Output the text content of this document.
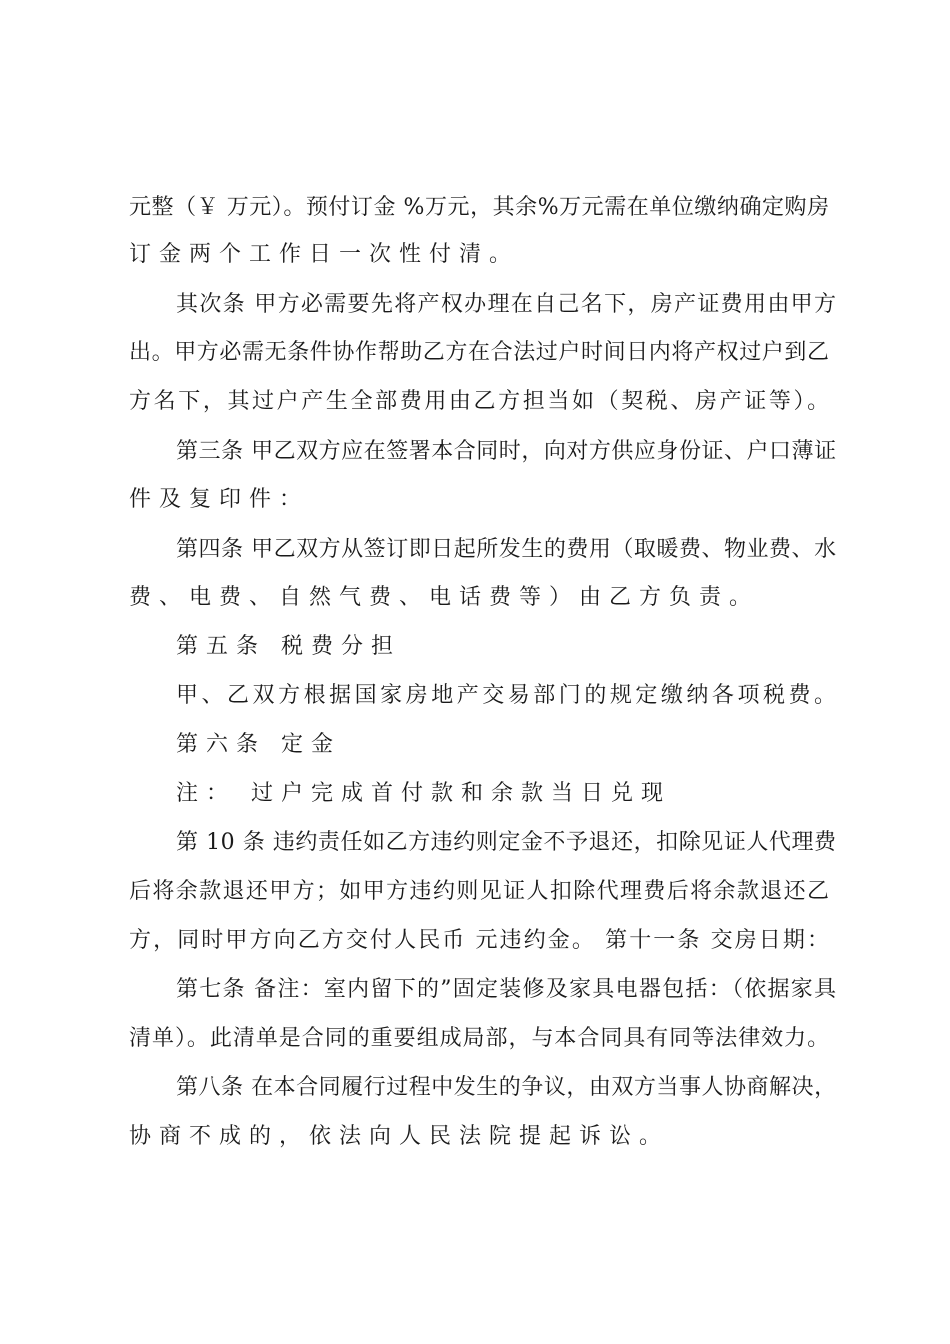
元整（￥ 万元）。预付订金 %万元，其余%万元需在单位缴纳确定购房
订金两个工作日一次性付清。
其次条 甲方必需要先将产权办理在自己名下，房产证费用由甲方
出。甲方必需无条件协作帮助乙方在合法过户时间日内将产权过户到乙
方名下，其过户产生全部费用由乙方担当如（契税、房产证等）。
第三条 甲乙双方应在签署本合同时，向对方供应身份证、户口薄证
件及复印件：
第四条 甲乙双方从签订即日起所发生的费用（取暖费、物业费、水
费、电费、自然气费、电话费等）由乙方负责。
第五条 税费分担
甲、乙双方根据国家房地产交易部门的规定缴纳各项税费。
第六条 定金
注： 过户完成首付款和余款当日兑现
第 10 条 违约责任如乙方违约则定金不予退还，扣除见证人代理费
后将余款退还甲方；如甲方违约则见证人扣除代理费后将余款退还乙
方，同时甲方向乙方交付人民币 元违约金。 第十一条 交房日期：
第七条 备注：室内留下的”固定装修及家具电器包括：（依据家具
清单）。此清单是合同的重要组成局部，与本合同具有同等法律效力。
第八条 在本合同履行过程中发生的争议，由双方当事人协商解决，
协商不成的，依法向人民法院提起诉讼。
